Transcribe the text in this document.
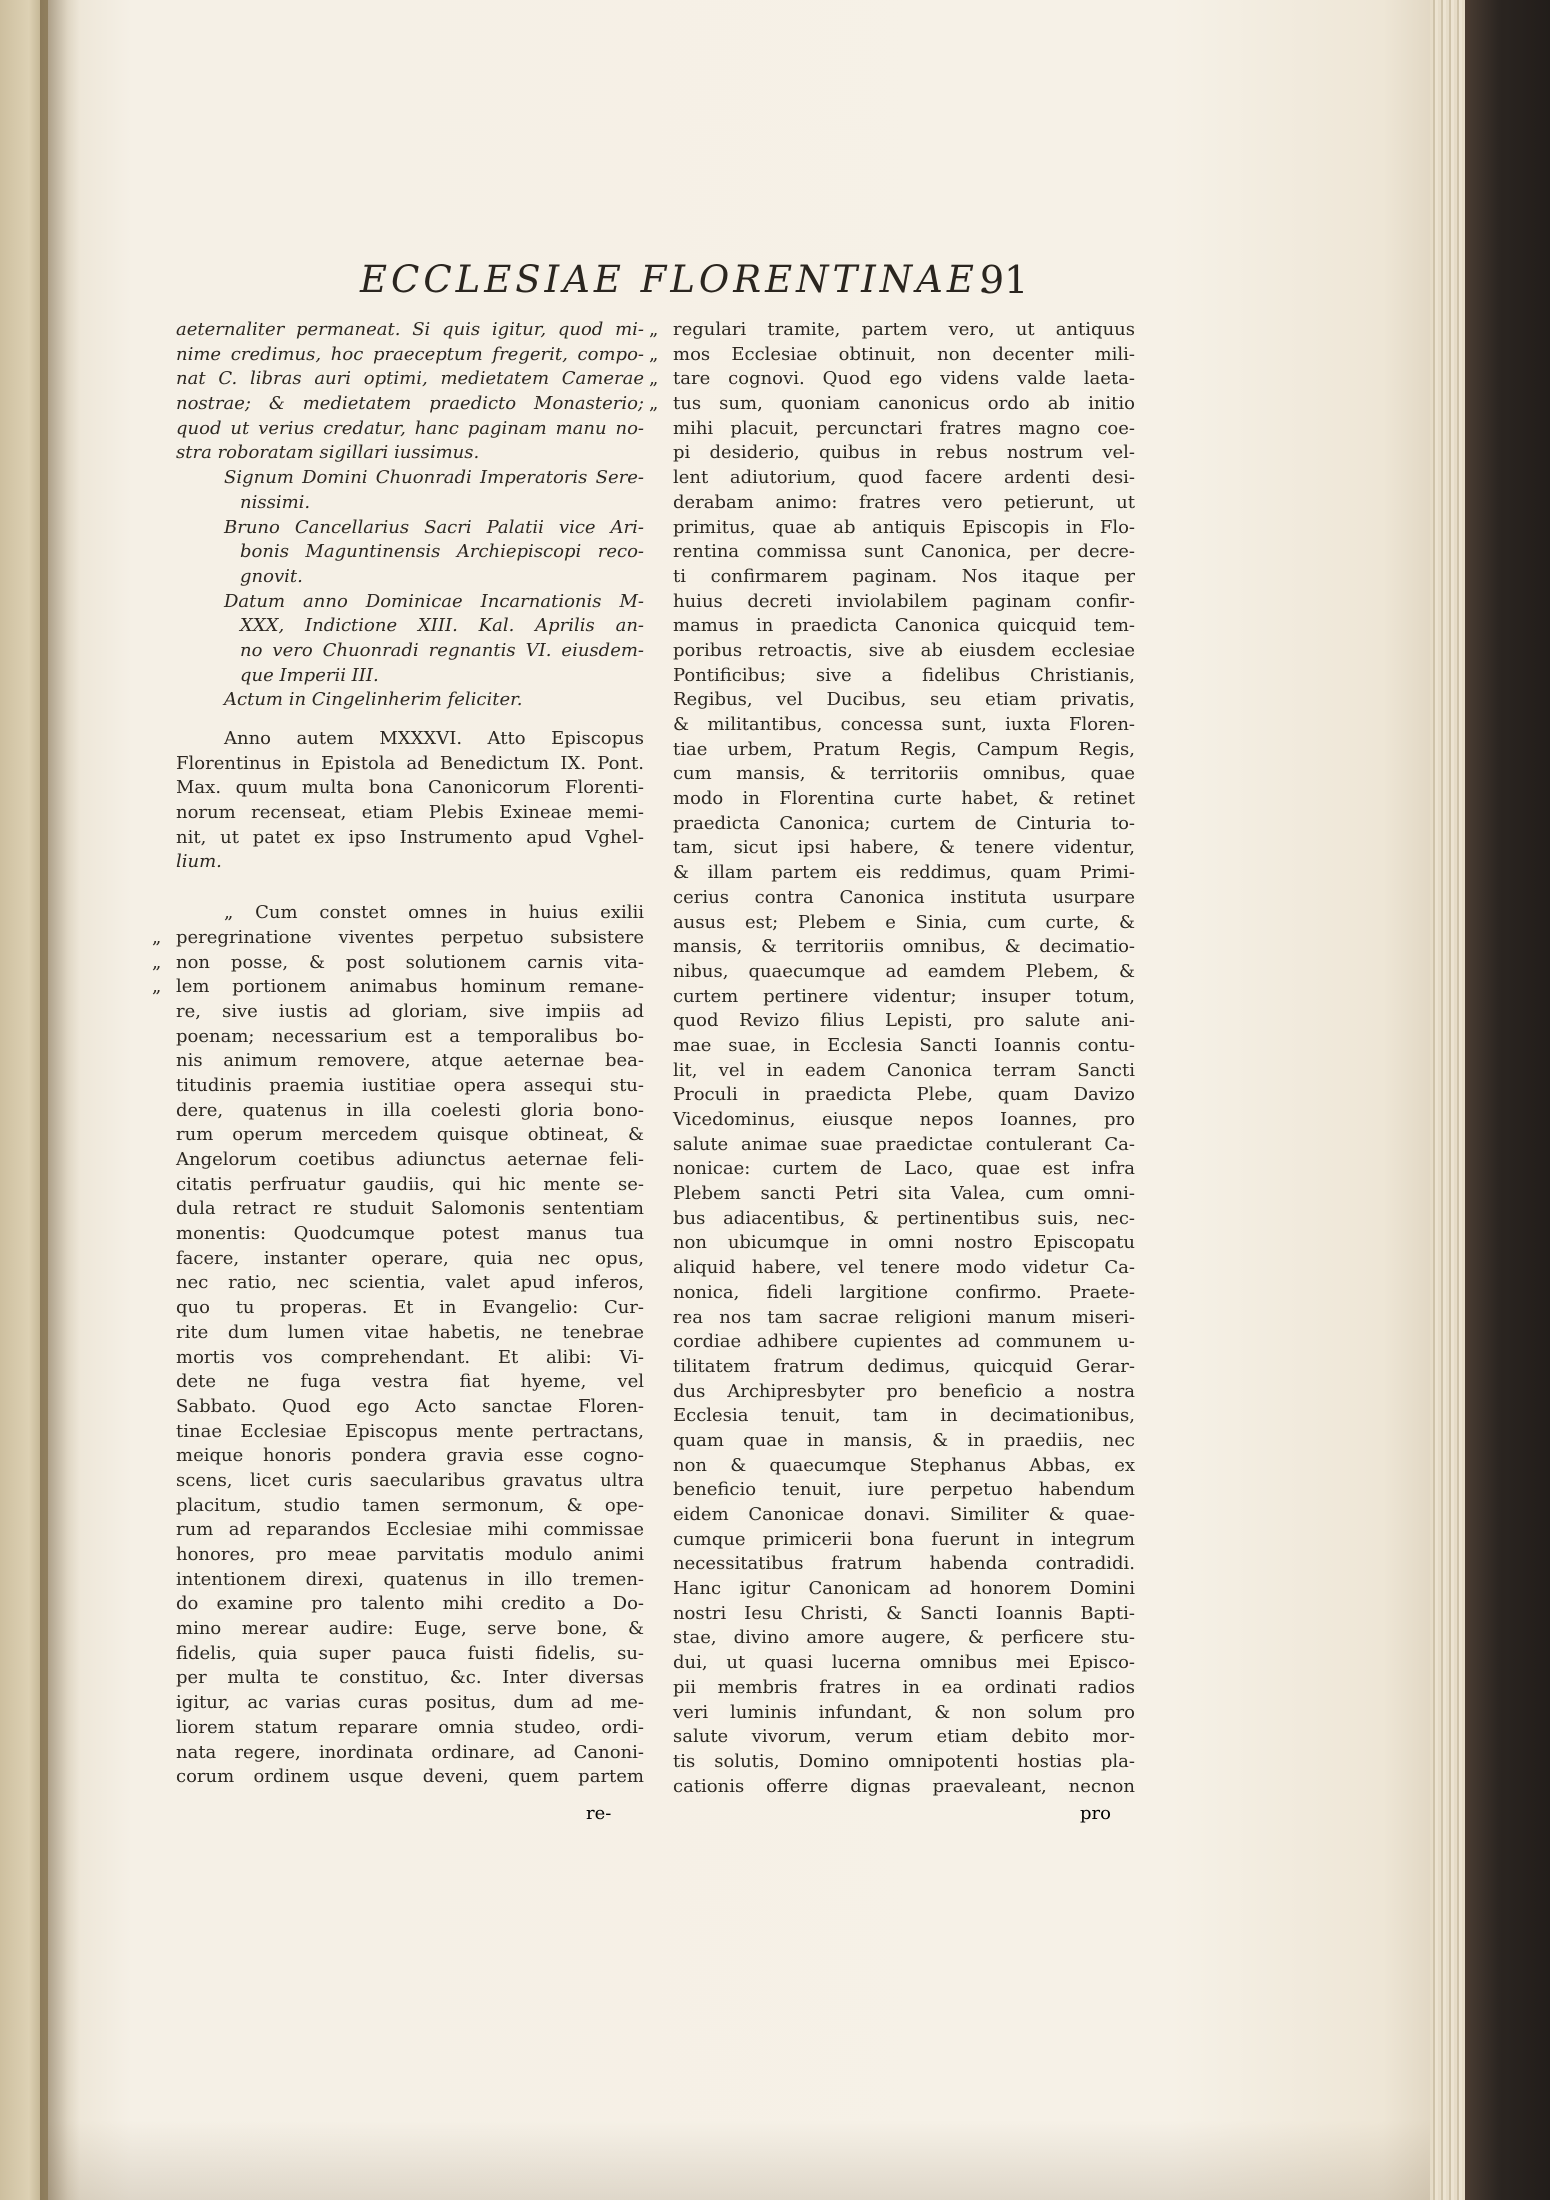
ECCLESIAE FLORENTINAE.
91
aeternaliter permaneat. Si quis igitur, quod mi-
nime credimus, hoc praeceptum fregerit, compo-
nat C. libras auri optimi, medietatem Camerae
nostrae; & medietatem praedicto Monasterio;
quod ut verius credatur, hanc paginam manu no-
stra roboratam sigillari iussimus.
Signum Domini Chuonradi Imperatoris Sere-
nissimi.
Bruno Cancellarius Sacri Palatii vice Ari-
bonis Maguntinensis Archiepiscopi reco-
gnovit.
Datum anno Dominicae Incarnationis M-
XXX, Indictione XIII. Kal. Aprilis an-
no vero Chuonradi regnantis VI. eiusdem-
que Imperii III.
Actum in Cingelinherim feliciter.
Anno autem MXXXVI. Atto Episcopus
Florentinus in Epistola ad Benedictum IX. Pont.
Max. quum multa bona Canonicorum Florenti-
norum recenseat, etiam Plebis Exineae memi-
nit, ut patet ex ipso Instrumento apud Vghel-
lium.
„ Cum constet omnes in huius exilii
„ peregrinatione viventes perpetuo subsistere
„ non posse, & post solutionem carnis vita-
„ lem portionem animabus hominum remane-
re, sive iustis ad gloriam, sive impiis ad
poenam; necessarium est a temporalibus bo-
nis animum removere, atque aeternae bea-
titudinis praemia iustitiae opera assequi stu-
dere, quatenus in illa coelesti gloria bono-
rum operum mercedem quisque obtineat, &
Angelorum coetibus adiunctus aeternae feli-
citatis perfruatur gaudiis, qui hic mente se-
dula retract re studuit Salomonis sententiam
monentis: Quodcumque potest manus tua
facere, instanter operare, quia nec opus,
nec ratio, nec scientia, valet apud inferos,
quo tu properas. Et in Evangelio: Cur-
rite dum lumen vitae habetis, ne tenebrae
mortis vos comprehendant. Et alibi: Vi-
dete ne fuga vestra fiat hyeme, vel
Sabbato. Quod ego Acto sanctae Floren-
tinae Ecclesiae Episcopus mente pertractans,
meique honoris pondera gravia esse cogno-
scens, licet curis saecularibus gravatus ultra
placitum, studio tamen sermonum, & ope-
rum ad reparandos Ecclesiae mihi commissae
honores, pro meae parvitatis modulo animi
intentionem direxi, quatenus in illo tremen-
do examine pro talento mihi credito a Do-
mino merear audire: Euge, serve bone, &
fidelis, quia super pauca fuisti fidelis, su-
per multa te constituo, &c. Inter diversas
igitur, ac varias curas positus, dum ad me-
liorem statum reparare omnia studeo, ordi-
nata regere, inordinata ordinare, ad Canoni-
corum ordinem usque deveni, quem partem
„ regulari tramite, partem vero, ut antiquus
„ mos Ecclesiae obtinuit, non decenter mili-
„ tare cognovi. Quod ego videns valde laeta-
„ tus sum, quoniam canonicus ordo ab initio
mihi placuit, percunctari fratres magno coe-
pi desiderio, quibus in rebus nostrum vel-
lent adiutorium, quod facere ardenti desi-
derabam animo: fratres vero petierunt, ut
primitus, quae ab antiquis Episcopis in Flo-
rentina commissa sunt Canonica, per decre-
ti confirmarem paginam. Nos itaque per
huius decreti inviolabilem paginam confir-
mamus in praedicta Canonica quicquid tem-
poribus retroactis, sive ab eiusdem ecclesiae
Pontificibus; sive a fidelibus Christianis,
Regibus, vel Ducibus, seu etiam privatis,
& militantibus, concessa sunt, iuxta Floren-
tiae urbem, Pratum Regis, Campum Regis,
cum mansis, & territoriis omnibus, quae
modo in Florentina curte habet, & retinet
praedicta Canonica; curtem de Cinturia to-
tam, sicut ipsi habere, & tenere videntur,
& illam partem eis reddimus, quam Primi-
cerius contra Canonica instituta usurpare
ausus est; Plebem e Sinia, cum curte, &
mansis, & territoriis omnibus, & decimatio-
nibus, quaecumque ad eamdem Plebem, &
curtem pertinere videntur; insuper totum,
quod Revizo filius Lepisti, pro salute ani-
mae suae, in Ecclesia Sancti Ioannis contu-
lit, vel in eadem Canonica terram Sancti
Proculi in praedicta Plebe, quam Davizo
Vicedominus, eiusque nepos Ioannes, pro
salute animae suae praedictae contulerant Ca-
nonicae: curtem de Laco, quae est infra
Plebem sancti Petri sita Valea, cum omni-
bus adiacentibus, & pertinentibus suis, nec-
non ubicumque in omni nostro Episcopatu
aliquid habere, vel tenere modo videtur Ca-
nonica, fideli largitione confirmo. Praete-
rea nos tam sacrae religioni manum miseri-
cordiae adhibere cupientes ad communem u-
tilitatem fratrum dedimus, quicquid Gerar-
dus Archipresbyter pro beneficio a nostra
Ecclesia tenuit, tam in decimationibus,
quam quae in mansis, & in praediis, nec
non & quaecumque Stephanus Abbas, ex
beneficio tenuit, iure perpetuo habendum
eidem Canonicae donavi. Similiter & quae-
cumque primicerii bona fuerunt in integrum
necessitatibus fratrum habenda contradidi.
Hanc igitur Canonicam ad honorem Domini
nostri Iesu Christi, & Sancti Ioannis Bapti-
stae, divino amore augere, & perficere stu-
dui, ut quasi lucerna omnibus mei Episco-
pii membris fratres in ea ordinati radios
veri luminis infundant, & non solum pro
salute vivorum, verum etiam debito mor-
tis solutis, Domino omnipotenti hostias pla-
cationis offerre dignas praevaleant, necnon
re-	pro
